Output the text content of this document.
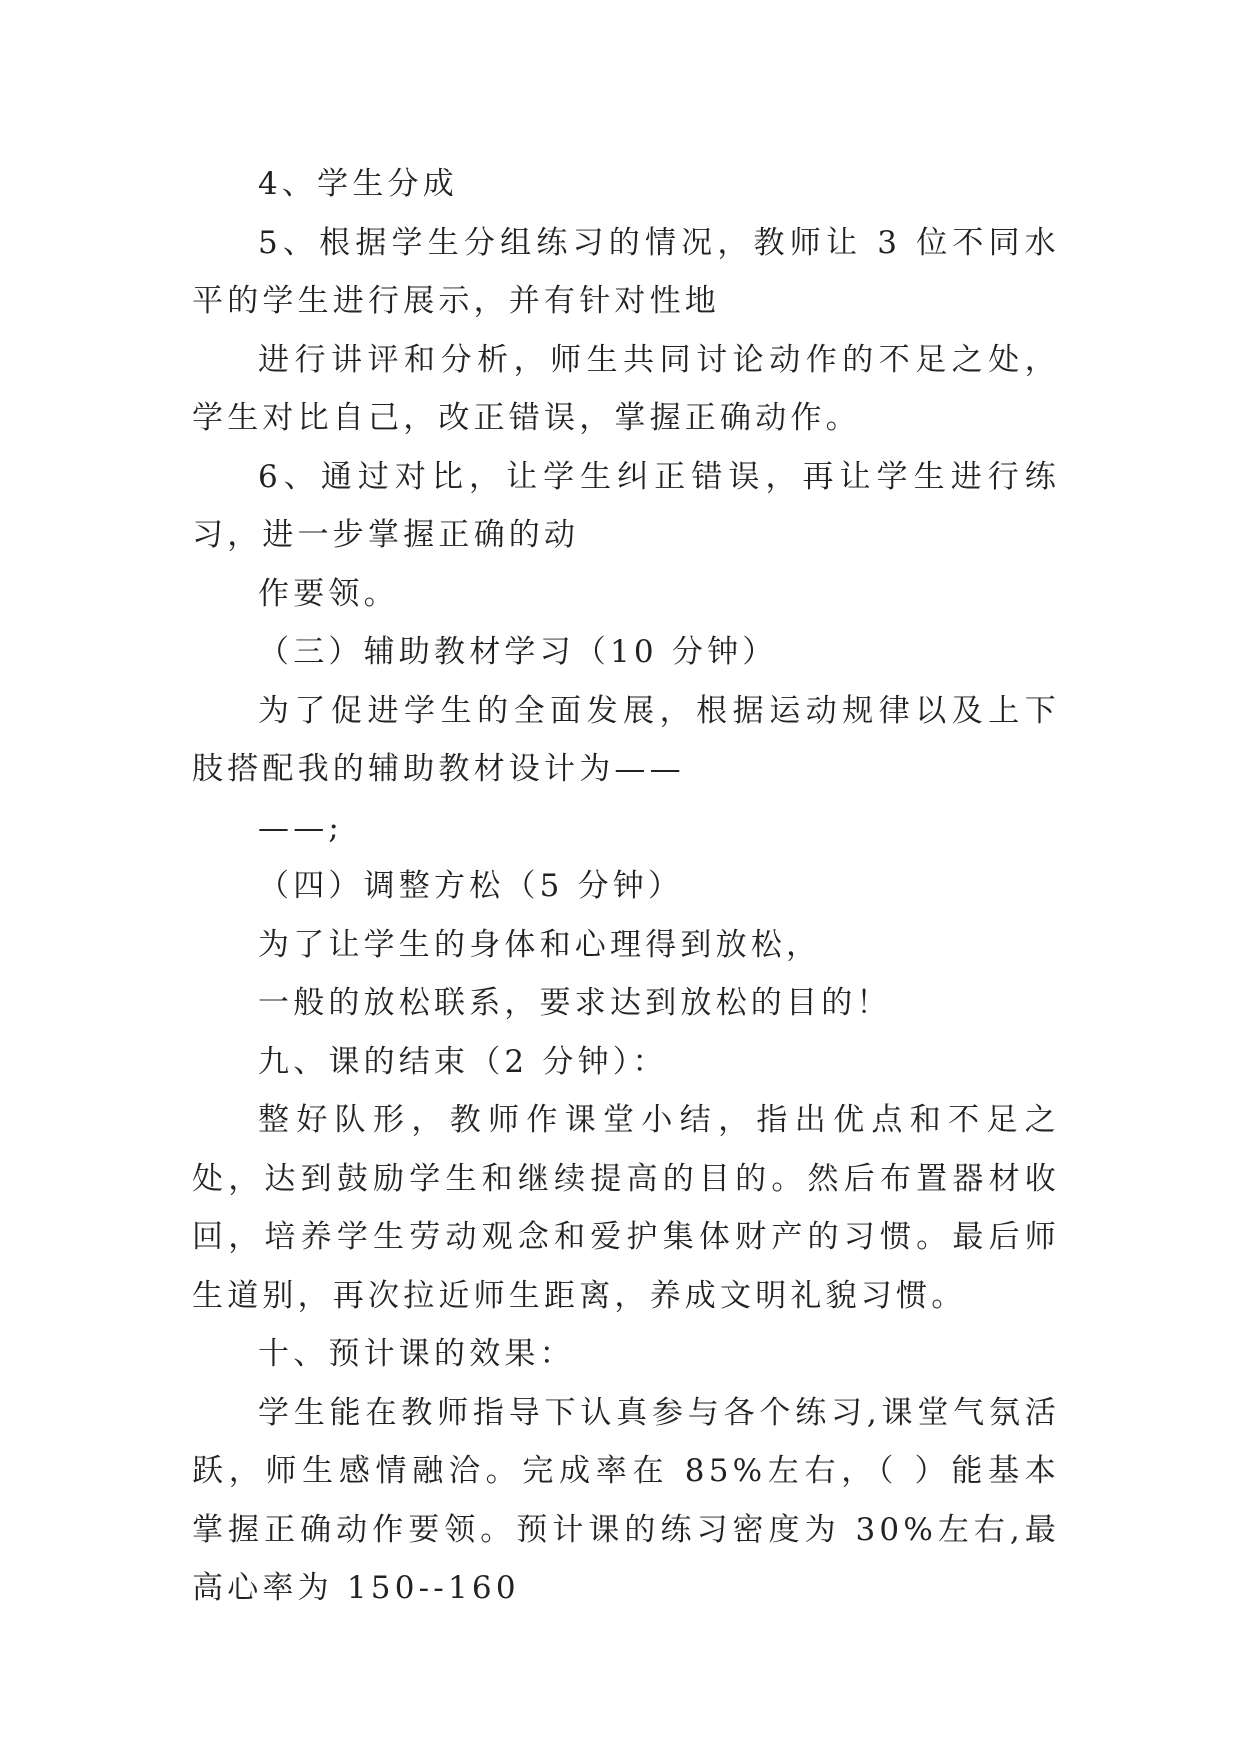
4、学生分成

5、根据学生分组练习的情况，教师让 3 位不同水平的学生进行展示，并有针对性地

进行讲评和分析，师生共同讨论动作的不足之处，学生对比自己，改正错误，掌握正确动作。

6、通过对比，让学生纠正错误，再让学生进行练习，进一步掌握正确的动

作要领。

（三）辅助教材学习（10 分钟）

为了促进学生的全面发展，根据运动规律以及上下肢搭配我的辅助教材设计为——

——;

（四）调整方松（5 分钟）

为了让学生的身体和心理得到放松，

一般的放松联系，要求达到放松的目的！

九、课的结束（2 分钟）：

整好队形，教师作课堂小结，指出优点和不足之处，达到鼓励学生和继续提高的目的。然后布置器材收回，培养学生劳动观念和爱护集体财产的习惯。最后师生道别，再次拉近师生距离，养成文明礼貌习惯。

十、预计课的效果：

学生能在教师指导下认真参与各个练习,课堂气氛活跃，师生感情融洽。完成率在 85%左右，（ ）能基本掌握正确动作要领。预计课的练习密度为 30%左右,最高心率为 150--160
